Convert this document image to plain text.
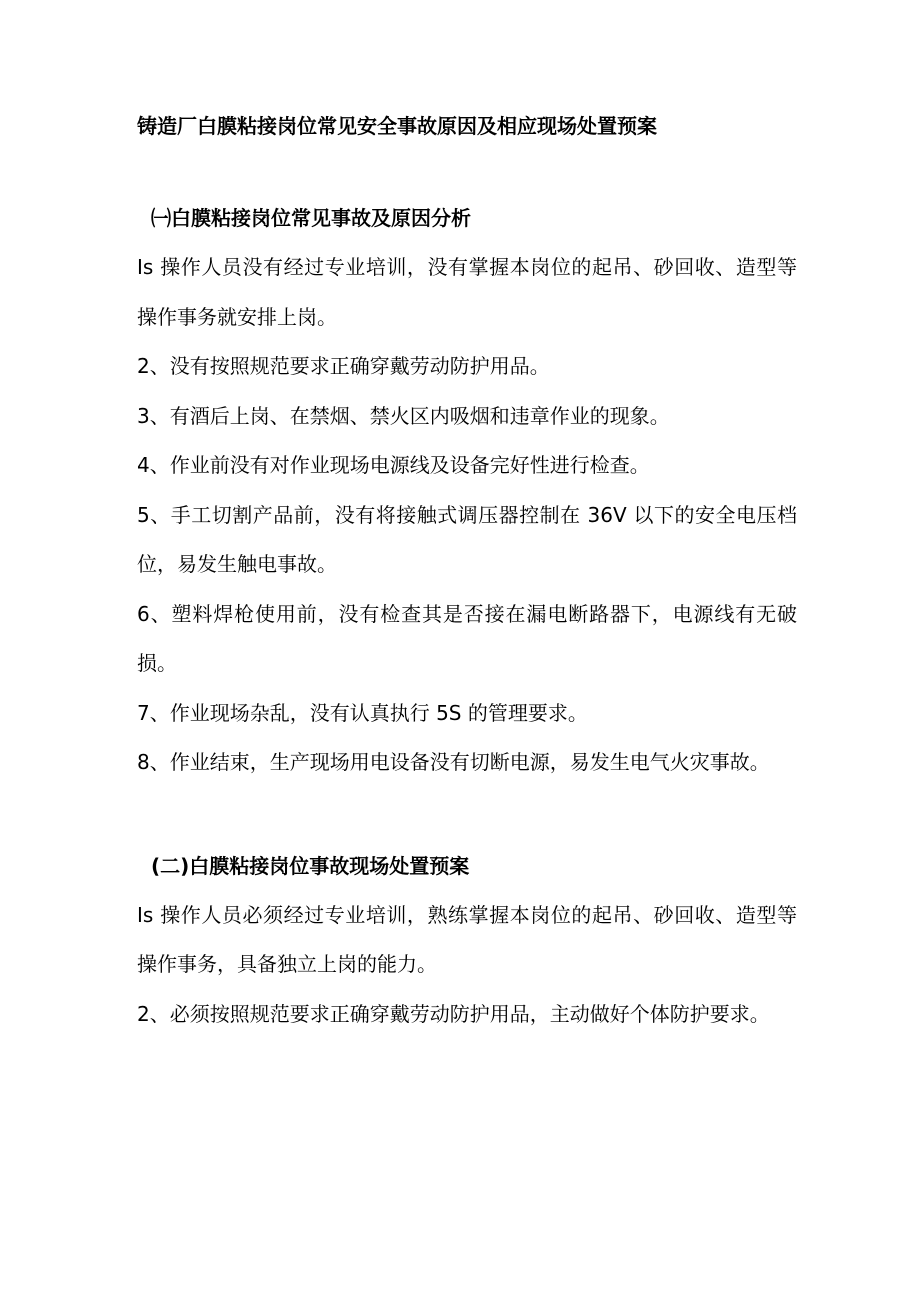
铸造厂白膜粘接岗位常见安全事故原因及相应现场处置预案
㈠白膜粘接岗位常见事故及原因分析
Is 操作人员没有经过专业培训，没有掌握本岗位的起吊、砂回收、造型等操作事务就安排上岗。
2、没有按照规范要求正确穿戴劳动防护用品。
3、有酒后上岗、在禁烟、禁火区内吸烟和违章作业的现象。
4、作业前没有对作业现场电源线及设备完好性进行检查。
5、手工切割产品前，没有将接触式调压器控制在 36V 以下的安全电压档位，易发生触电事故。
6、塑料焊枪使用前，没有检查其是否接在漏电断路器下，电源线有无破损。
7、作业现场杂乱，没有认真执行 5S 的管理要求。
8、作业结束，生产现场用电设备没有切断电源，易发生电气火灾事故。
(二)白膜粘接岗位事故现场处置预案
Is 操作人员必须经过专业培训，熟练掌握本岗位的起吊、砂回收、造型等操作事务，具备独立上岗的能力。
2、必须按照规范要求正确穿戴劳动防护用品，主动做好个体防护要求。
